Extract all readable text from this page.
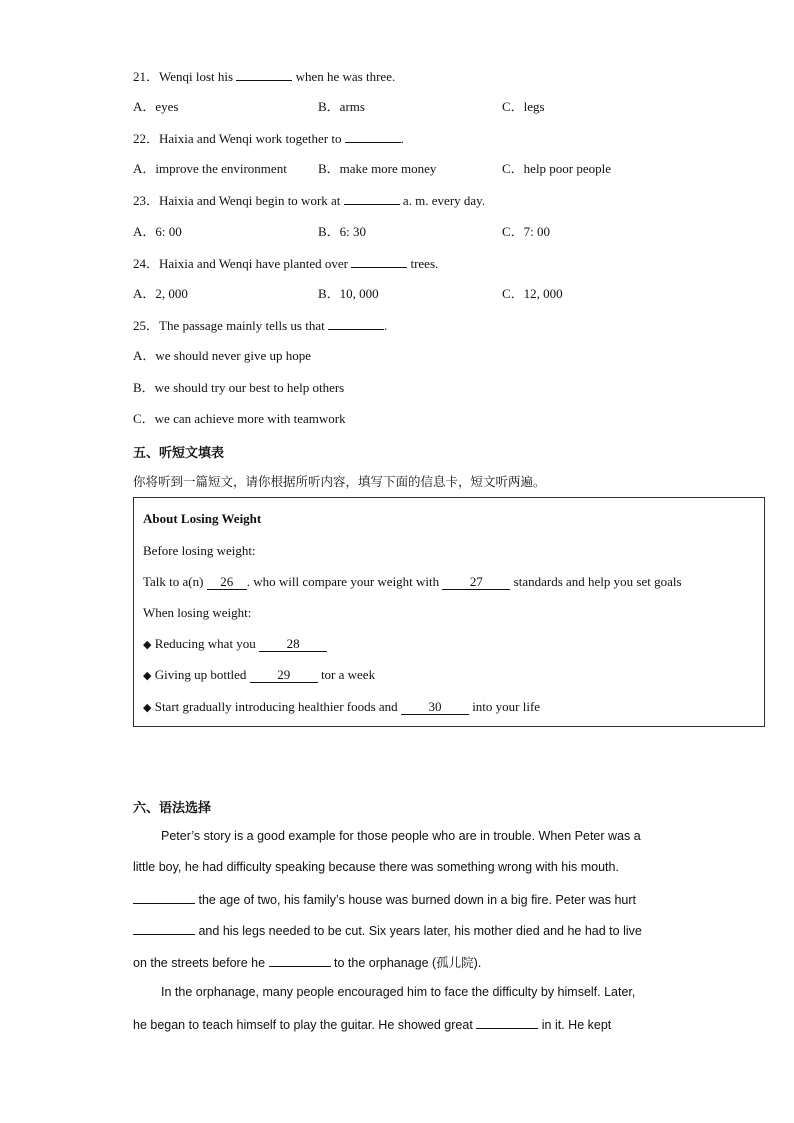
21．Wenqi lost his	when he was three.
A．eyes	B．arms	C．legs
22．Haixia and Wenqi work together to	.
A．improve the environment B．make more money	C．help poor people
23．Haixia and Wenqi begin to work at	a. m. every day.
A．6: 00	B．6: 30	C．7: 00
24．Haixia and Wenqi have planted over	trees.
A．2, 000	B．10, 000	C．12, 000
25．The passage mainly tells us that	.
A．we should never give up hope
B．we should try our best to help others
C．we can achieve more with teamwork
五、听短文填表
你将听到一篇短文，请你根据所听内容，填写下面的信息卡，短文听两遍。
About Losing Weight
Before losing weight:
Talk to a(n) 26 . who will compare your weight with 27 standards and help you set goals
When losing weight:
◆ Reducing what you 28
◆ Giving up bottled 29 tor a week
◆ Start gradually introducing healthier foods and 30 into your life
六、语法选择
Peter’s story is a good example for those people who are in trouble. When Peter was a
little boy, he had difficulty speaking because there was something wrong with his mouth.
the age of two, his family’s house was burned down in a big fire. Peter was hurt
and his legs needed to be cut. Six years later, his mother died and he had to live
on the streets before he	to the orphanage (孤儿院).
In the orphanage, many people encouraged him to face the difficulty by himself. Later,
he began to teach himself to play the guitar. He showed great	in it. He kept
